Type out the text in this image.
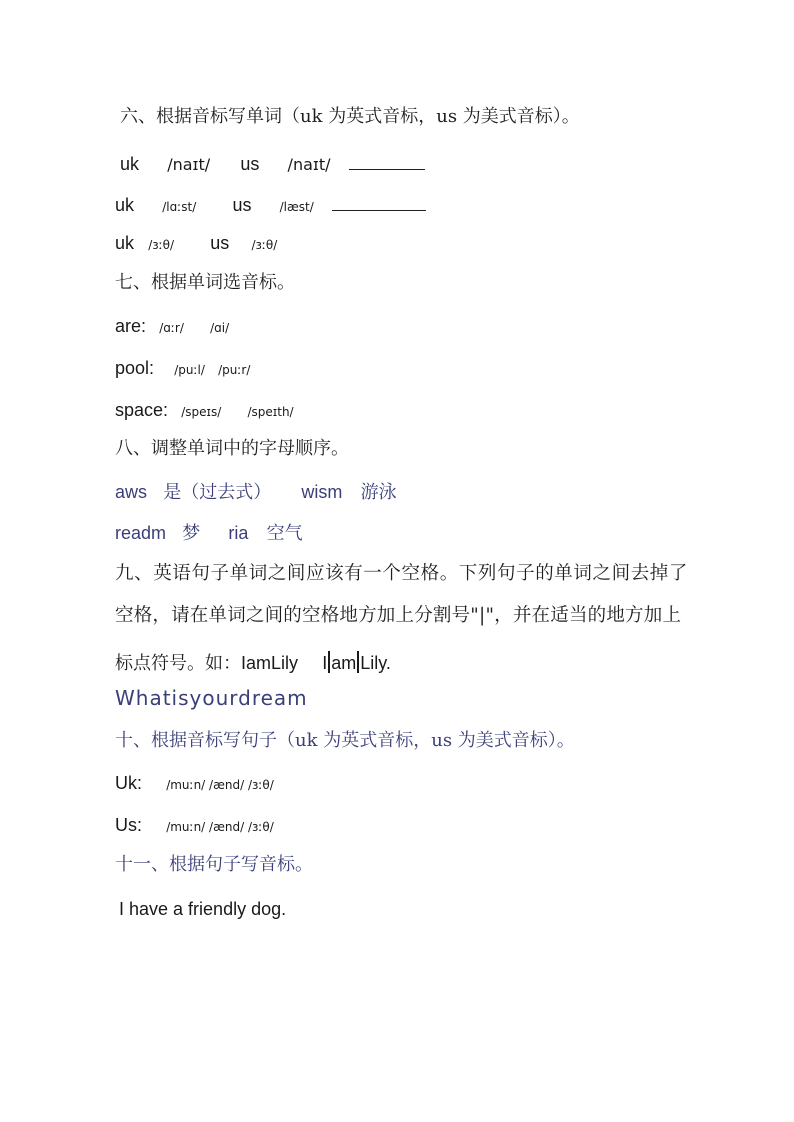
六、根据音标写单词（uk 为英式音标，us 为美式音标）。
uk /naɪt/ us /naɪt/
uk /lɑːst/ us /læst/
uk /ɜːθ/ us /ɜːθ/
七、根据单词选音标。
are: /ɑːr/ /ɑi/
pool: /puːl/ /puːr/
space: /speɪs/ /speɪth/
八、调整单词中的字母顺序。
aws 是（过去式） wism 游泳
readm 梦 ria 空气
九、英语句子单词之间应该有一个空格。下列句子的单词之间去掉了
空格，请在单词之间的空格地方加上分割号"|"，并在适当的地方加上
标点符号。如：IamLily I am Lily.
Whatisyourdream
十、根据音标写句子（uk 为英式音标，us 为美式音标）。
Uk: /muːn/ /ænd/ /ɜːθ/
Us: /muːn/ /ænd/ /ɜːθ/
十一、根据句子写音标。
I have a friendly dog.
